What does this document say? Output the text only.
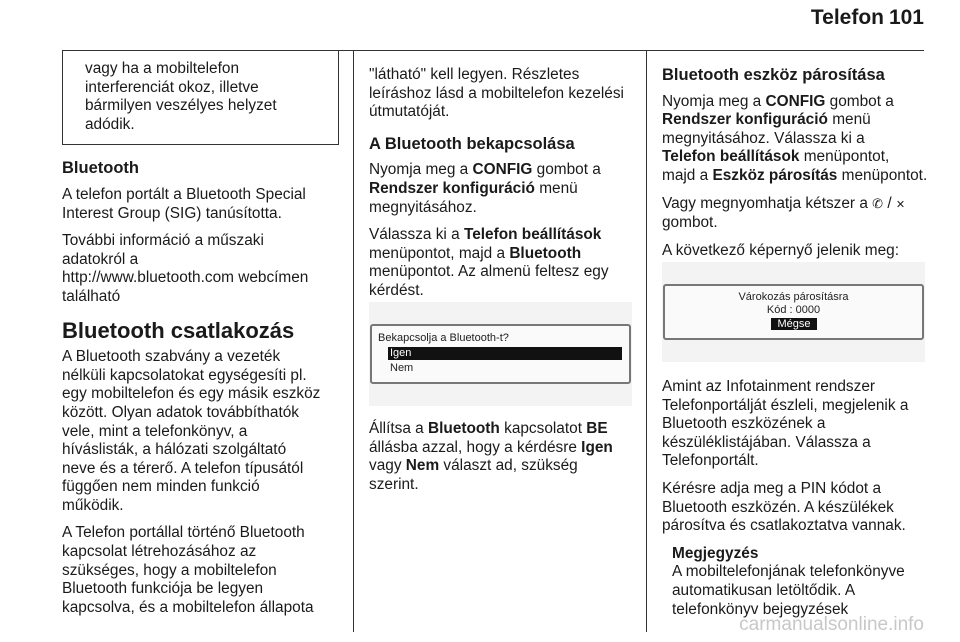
Telefon 101
vagy ha a mobiltelefon
interferenciát okoz, illetve
bármilyen veszélyes helyzet
adódik.
Bluetooth

A telefon portált a Bluetooth Special
Interest Group (SIG) tanúsította.

További információ a műszaki
adatokról a
http://www.bluetooth.com webcímen
található

Bluetooth csatlakozás

A Bluetooth szabvány a vezeték
nélküli kapcsolatokat egységesíti pl.
egy mobiltelefon és egy másik eszköz
között. Olyan adatok továbbíthatók
vele, mint a telefonkönyv, a
híváslisták, a hálózati szolgáltató
neve és a térerő. A telefon típusától
függően nem minden funkció
működik.

A Telefon portállal történő Bluetooth
kapcsolat létrehozásához az
szükséges, hogy a mobiltelefon
Bluetooth funkciója be legyen
kapcsolva, és a mobiltelefon állapota

"látható" kell legyen. Részletes
leíráshoz lásd a mobiltelefon kezelési
útmutatóját.

A Bluetooth bekapcsolása

Nyomja meg a CONFIG gombot a
Rendszer konfiguráció menü
megnyitásához.

Válassza ki a Telefon beállítások
menüpontot, majd a Bluetooth
menüpontot. Az almenü feltesz egy
kérdést.

Bekapcsolja a Bluetooth-t?
Igen
Nem

Állítsa a Bluetooth kapcsolatot BE
állásba azzal, hogy a kérdésre Igen
vagy Nem választ ad, szükség
szerint.

Bluetooth eszköz párosítása

Nyomja meg a CONFIG gombot a
Rendszer konfiguráció menü
megnyitásához. Válassza ki a
Telefon beállítások menüpontot,
majd a Eszköz párosítás menüpontot.

Vagy megnyomhatja kétszer a ✆ / ✕
gombot.

A következő képernyő jelenik meg:

Várokozás párosításra
Kód : 0000
Mégse

Amint az Infotainment rendszer
Telefonportálját észleli, megjelenik a
Bluetooth eszközének a
készüléklistájában. Válassza a
Telefonportált.

Kérésre adja meg a PIN kódot a
Bluetooth eszközén. A készülékek
párosítva és csatlakoztatva vannak.

Megjegyzés
A mobiltelefonjának telefonkönyve
automatikusan letöltődik. A
telefonkönyv bejegyzések
carmanualsonline.info
